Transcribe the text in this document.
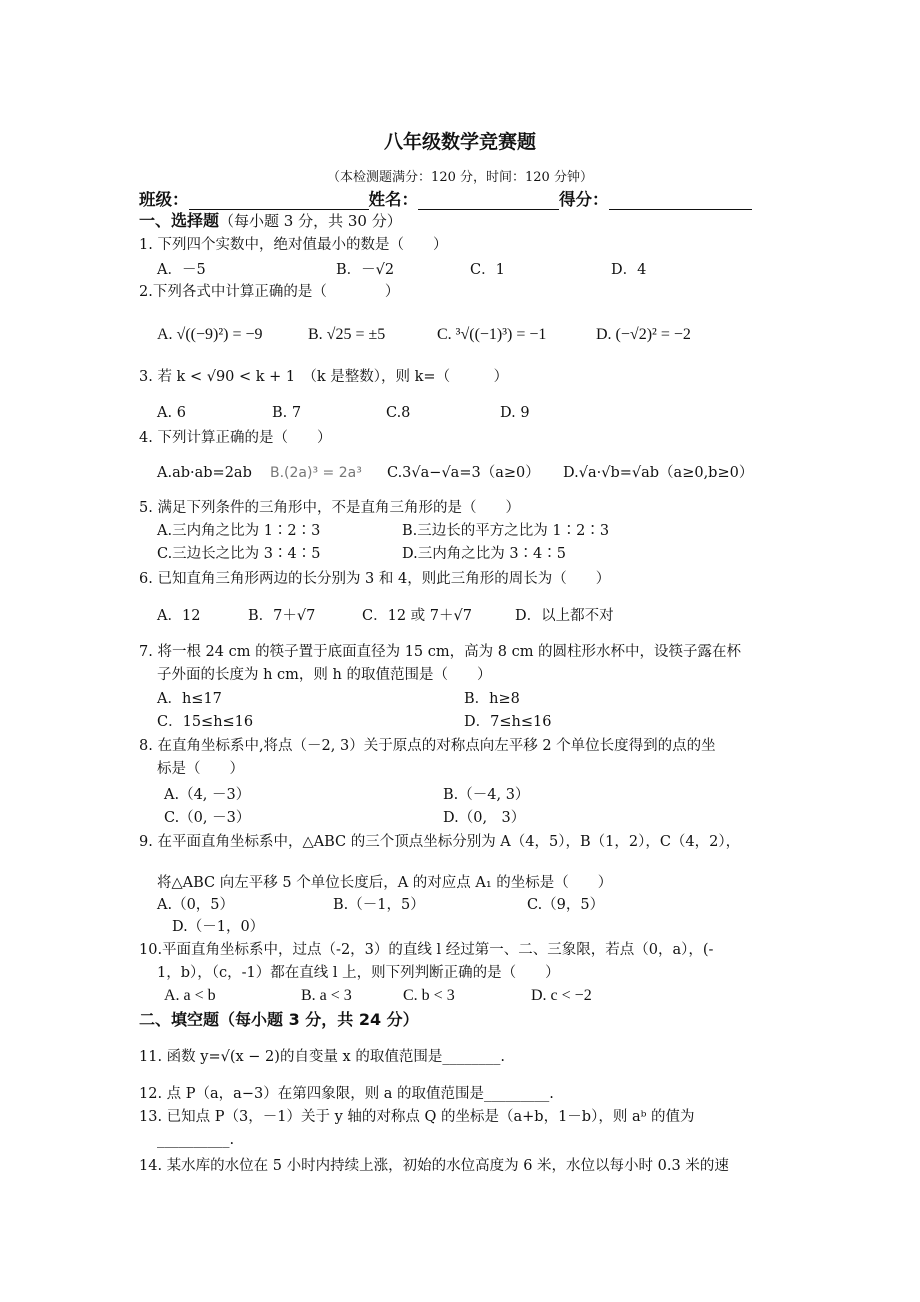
八年级数学竞赛题
（本检测题满分：120 分，时间：120 分钟）
班级：	姓名：	得分：
一、选择题（每小题 3 分，共 30 分）
1. 下列四个实数中，绝对值最小的数是（　　）
A．－5	B．－√2	C．1	D．4
2.下列各式中计算正确的是（　　　　）
A. √((−9)²) = −9	B. √25 = ±5	C. ³√((−1)³) = −1	D. (−√2)² = −2
3. 若 k < √90 < k + 1　（k 是整数），则 k=（　　　）
A. 6	B. 7	C.8	D. 9
4. 下列计算正确的是（　　）
A.ab·ab=2ab B.(2a)³ = 2a³ C.3√a−√a=3（a≥0） D.√a·√b=√ab（a≥0,b≥0）
5. 满足下列条件的三角形中，不是直角三角形的是（　　）
A.三内角之比为 1∶2∶3	B.三边长的平方之比为 1∶2∶3
C.三边长之比为 3∶4∶5	D.三内角之比为 3∶4∶5
6. 已知直角三角形两边的长分别为 3 和 4，则此三角形的周长为（　　）
A．12	B．7＋√7	C．12 或 7＋√7	D．以上都不对
7. 将一根 24 cm 的筷子置于底面直径为 15 cm，高为 8 cm 的圆柱形水杯中，设筷子露在杯
子外面的长度为 h cm，则 h 的取值范围是（　　）
A．h≤17	B．h≥8
C．15≤h≤16	D．7≤h≤16
8. 在直角坐标系中,将点（－2, 3）关于原点的对称点向左平移 2 个单位长度得到的点的坐
标是（　　）
A.（4, －3）	B.（－4, 3）
C.（0, －3）	D.（0,　3）
9. 在平面直角坐标系中，△ABC 的三个顶点坐标分别为 A（4，5），B（1，2），C（4，2），
将△ABC 向左平移 5 个单位长度后，A 的对应点 A₁ 的坐标是（　　）
A.（0，5）	B.（－1，5）	C.（9，5）
D.（－1，0）
10.平面直角坐标系中，过点（-2，3）的直线 l 经过第一、二、三象限，若点（0，a），(-
1，b），（c，-1）都在直线 l 上，则下列判断正确的是（　　）
A. a < b	B. a < 3	C. b < 3	D. c < −2
二、填空题（每小题 3 分，共 24 分）
11. 函数 y=√(x − 2)的自变量 x 的取值范围是________.
12. 点 P（a，a−3）在第四象限，则 a 的取值范围是_________.
13. 已知点 P（3，－1）关于 y 轴的对称点 Q 的坐标是（a+b，1－b），则 aᵇ 的值为
__________.
14. 某水库的水位在 5 小时内持续上涨，初始的水位高度为 6 米，水位以每小时 0.3 米的速
